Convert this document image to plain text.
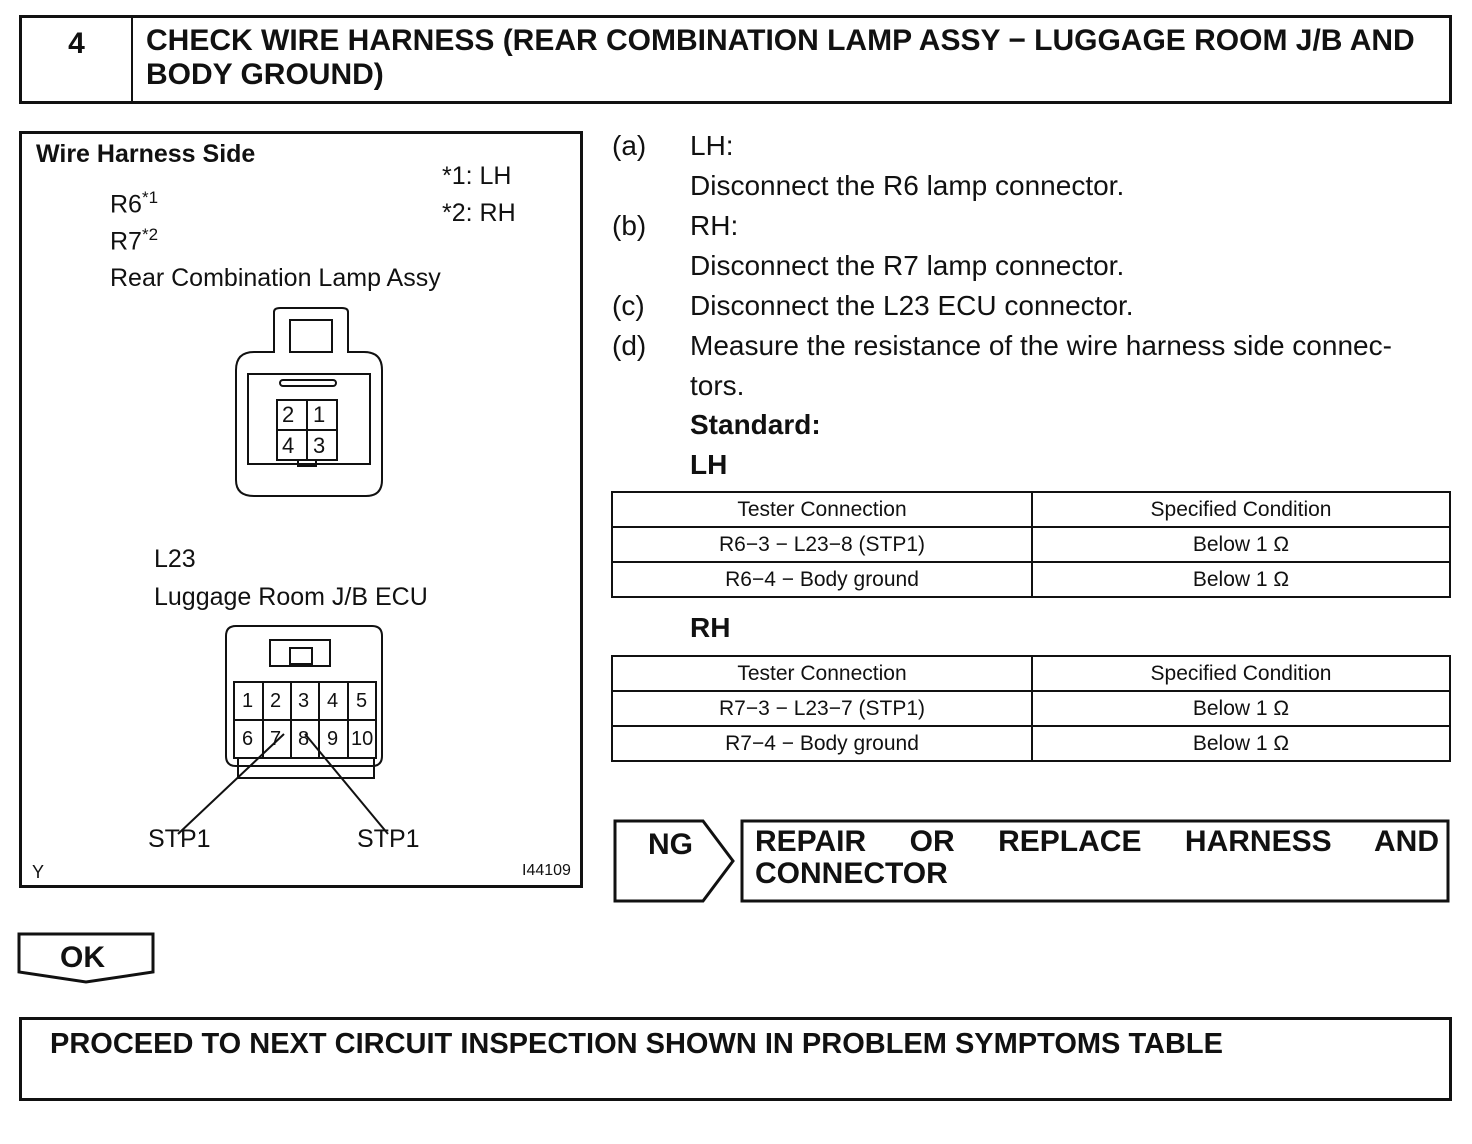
4	CHECK WIRE HARNESS (REAR COMBINATION LAMP ASSY − LUGGAGE ROOM J/B AND BODY GROUND)
Wire Harness Side
*1: LH
*2: RH
R6$^{*1}$
R7$^{*2}$
Rear Combination Lamp Assy
2 1
4 3
L23
Luggage Room J/B ECU
1 2 3 4 5
6 7 8 9 10
STP1	STP1
Y	I44109
(a) LH:
Disconnect the R6 lamp connector.
(b) RH:
Disconnect the R7 lamp connector.
(c) Disconnect the L23 ECU connector.
(d) Measure the resistance of the wire harness side connec-
tors.
Standard:
LH
Tester Connection	Specified Condition
R6−3 − L23−8 (STP1)	Below 1 Ω
R6−4 − Body ground	Below 1 Ω
RH
Tester Connection	Specified Condition
R7−3 − L23−7 (STP1)	Below 1 Ω
R7−4 − Body ground	Below 1 Ω
NG REPAIR OR REPLACE HARNESS AND CONNECTOR
OK
PROCEED TO NEXT CIRCUIT INSPECTION SHOWN IN PROBLEM SYMPTOMS TABLE
